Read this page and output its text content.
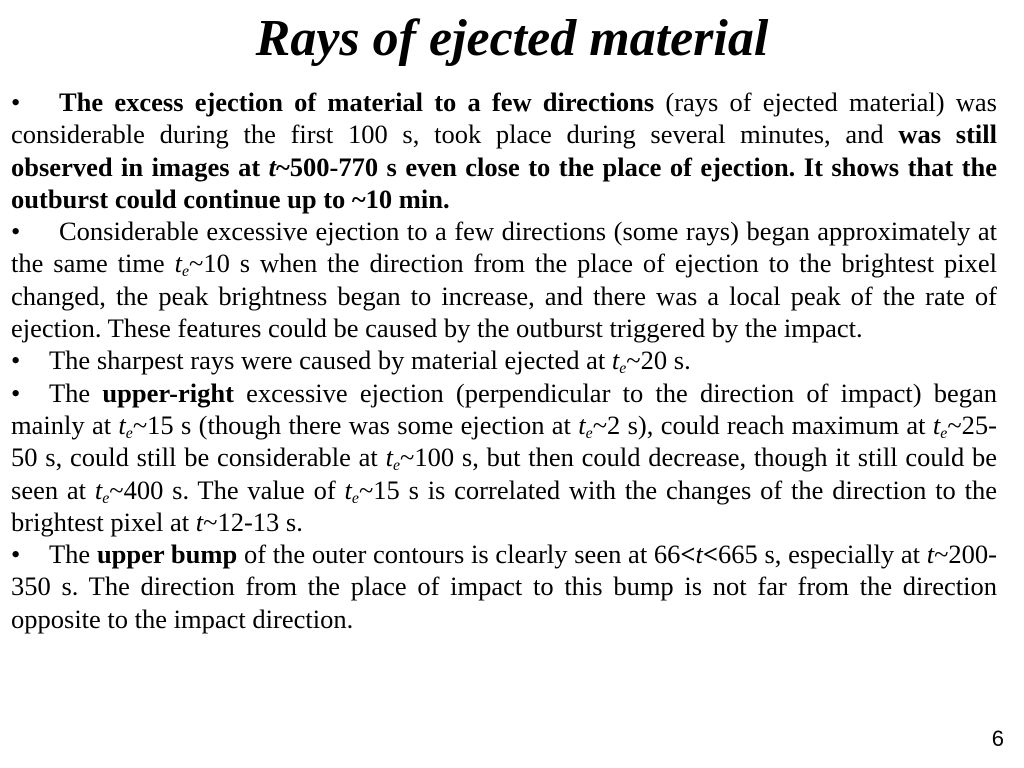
Rays of ejected material

• The excess ejection of material to a few directions (rays of ejected material) was considerable during the first 100 s, took place during several minutes, and was still observed in images at t~500-770 s even close to the place of ejection. It shows that the outburst could continue up to ~10 min.

• Considerable excessive ejection to a few directions (some rays) began approximately at the same time $t_e\sim 10$ s when the direction from the place of ejection to the brightest pixel changed, the peak brightness began to increase, and there was a local peak of the rate of ejection. These features could be caused by the outburst triggered by the impact.

• The sharpest rays were caused by material ejected at $t_e\sim 20$ s.

• The upper-right excessive ejection (perpendicular to the direction of impact) began mainly at $t_e\sim 15$ s (though there was some ejection at $t_e\sim 2$ s), could reach maximum at $t_e\sim 25-50$ s, could still be considerable at $t_e\sim 100$ s, but then could decrease, though it still could be seen at $t_e\sim 400$ s. The value of $t_e\sim 15$ s is correlated with the changes of the direction to the brightest pixel at t~12-13 s.

• The upper bump of the outer contours is clearly seen at 66<t<665 s, especially at t~200-350 s. The direction from the place of impact to this bump is not far from the direction opposite to the impact direction.

6
